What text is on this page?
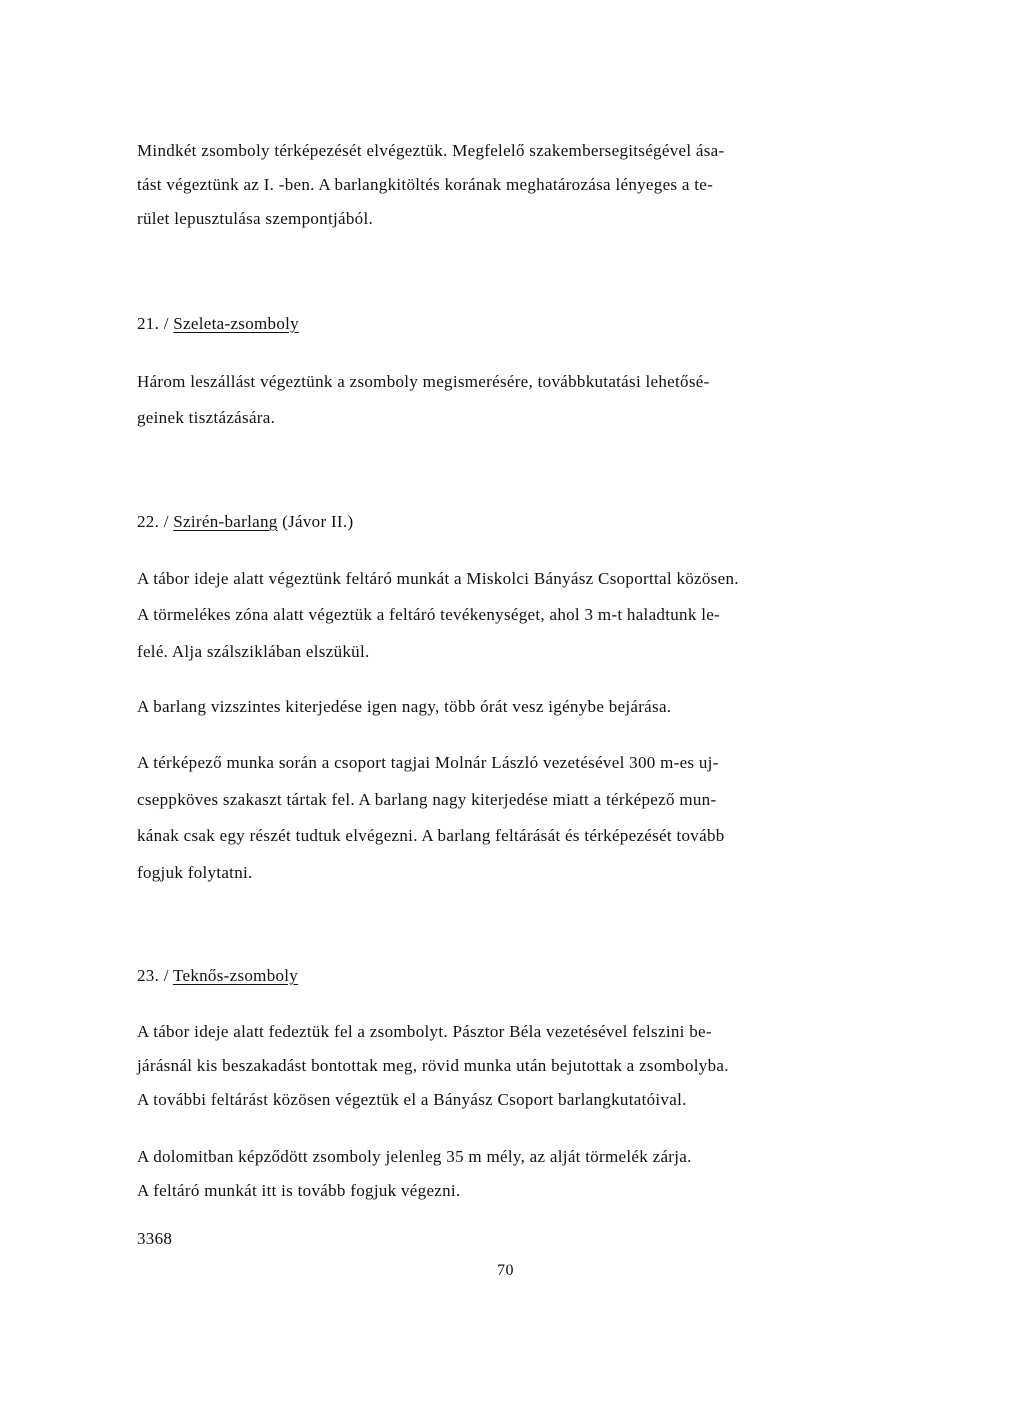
Mindkét zsomboly térképezését elvégeztük. Megfelelő szakembersegitségével ása-
tást végeztünk az I. -ben. A barlangkitöltés korának meghatározása lényeges a te-
rület lepusztulása szempontjából.
21. / Szeleta-zsomboly
Három leszállást végeztünk a zsomboly megismerésére, továbbkutatási lehetősé-
geinek tisztázására.
22. / Szirén-barlang (Jávor II.)
A tábor ideje alatt végeztünk feltáró munkát a Miskolci Bányász Csoporttal közösen.
A törmelékes zóna alatt végeztük a feltáró tevékenységet, ahol 3 m-t haladtunk le-
felé. Alja szálsziklában elszükül.
A barlang vizszintes kiterjedése igen nagy, több órát vesz igénybe bejárása.
A térképező munka során a csoport tagjai Molnár László vezetésével 300 m-es uj-
cseppköves szakaszt tártak fel. A barlang nagy kiterjedése miatt a térképező mun-
kának csak egy részét tudtuk elvégezni. A barlang feltárását és térképezését tovább
fogjuk folytatni.
23. / Teknős-zsomboly
A tábor ideje alatt fedeztük fel a zsombolyt. Pásztor Béla vezetésével felszini be-
járásnál kis beszakadást bontottak meg, rövid munka után bejutottak a zsombolyba.
A további feltárást közösen végeztük el a Bányász Csoport barlangkutatóival.
A dolomitban képződött zsomboly jelenleg 35 m mély, az alját törmelék zárja.
A feltáró munkát itt is tovább fogjuk végezni.
3368
70
